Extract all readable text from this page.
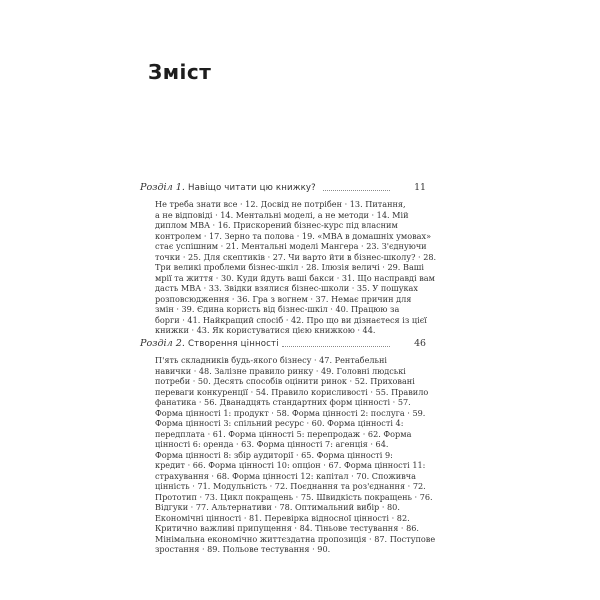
Зміст
Розділ 1. Навіщо читати цю книжку?	11
Не треба знати все · 12. Досвід не потрібен · 13. Питання,
а не відповіді · 14. Ментальні моделі, а не методи · 14. Мій
диплом MBA · 16. Прискорений бізнес-курс під власним
контролем · 17. Зерно та полова · 19. «MBA в домашніх умовах»
стає успішним · 21. Ментальні моделі Мангера · 23. З'єднуючи
точки · 25. Для скептиків · 27. Чи варто йти в бізнес-школу? · 28.
Три великі проблеми бізнес-шкіл · 28. Ілюзія величі · 29. Ваші
мрії та життя · 30. Куди йдуть ваші бакси · 31. Що насправді вам
дасть MBA · 33. Звідки взялися бізнес-школи · 35. У пошуках
розповсюдження · 36. Гра з вогнем · 37. Немає причин для
змін · 39. Єдина користь від бізнес-шкіл · 40. Працюю за
борги · 41. Найкращий спосіб · 42. Про що ви дізнаєтеся із цієї
книжки · 43. Як користуватися цією книжкою · 44.
Розділ 2. Створення цінності	46
П'ять складників будь-якого бізнесу · 47. Рентабельні
навички · 48. Залізне правило ринку · 49. Головні людські
потреби · 50. Десять способів оцінити ринок · 52. Приховані
переваги конкуренції · 54. Правило корисливості · 55. Правило
фанатика · 56. Дванадцять стандартних форм цінності · 57.
Форма цінності 1: продукт · 58. Форма цінності 2: послуга · 59.
Форма цінності 3: спільний ресурс · 60. Форма цінності 4:
передплата · 61. Форма цінності 5: перепродаж · 62. Форма
цінності 6: оренда · 63. Форма цінності 7: агенція · 64.
Форма цінності 8: збір аудиторії · 65. Форма цінності 9:
кредит · 66. Форма цінності 10: опціон · 67. Форма цінності 11:
страхування · 68. Форма цінності 12: капітал · 70. Споживча
цінність · 71. Модульність · 72. Поєднання та роз'єднання · 72.
Прототип · 73. Цикл покращень · 75. Швидкість покращень · 76.
Відгуки · 77. Альтернативи · 78. Оптимальний вибір · 80.
Економічні цінності · 81. Перевірка відносної цінності · 82.
Критично важливі припущення · 84. Тіньове тестування · 86.
Мінімальна економічно життєздатна пропозиція · 87. Поступове
зростання · 89. Польове тестування · 90.
